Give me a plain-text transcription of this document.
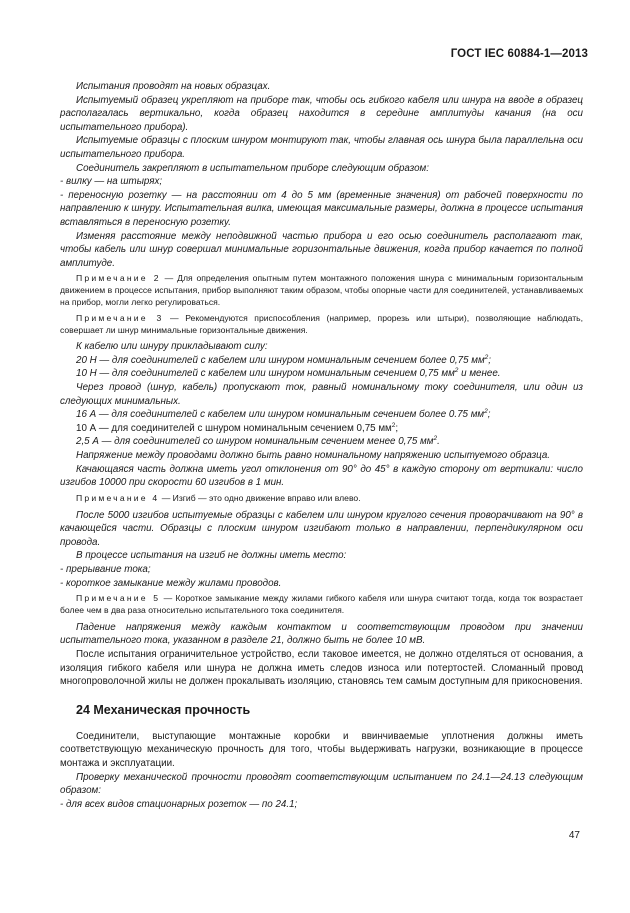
ГОСТ IEC 60884-1—2013

Испытания проводят на новых образцах.

Испытуемый образец укрепляют на приборе так, чтобы ось гибкого кабеля или шнура на вводе в образец располагалась вертикально, когда образец находится в середине амплитуды качания (на оси испытательного прибора).

Испытуемые образцы с плоским шнуром монтируют так, чтобы главная ось шнура была параллельна оси испытательного прибора.

Соединитель закрепляют в испытательном приборе следующим образом:

- вилку — на штырях;

- переносную розетку — на расстоянии от 4 до 5 мм (временные значения) от рабочей поверхности по направлению к шнуру. Испытательная вилка, имеющая максимальные размеры, должна в процессе испытания вставляться в переносную розетку.

Изменяя расстояние между неподвижной частью прибора и его осью соединитель располагают так, чтобы кабель или шнур совершал минимальные горизонтальные движения, когда прибор качается по полной амплитуде.

Примечание 2 — Для определения опытным путем монтажного положения шнура с минимальным горизонтальным движением в процессе испытания, прибор выполняют таким образом, чтобы опорные части для соединителей, устанавливаемых на прибор, могли легко регулироваться.

Примечание 3 — Рекомендуются приспособления (например, прорезь или штыри), позволяющие наблюдать, совершает ли шнур минимальные горизонтальные движения.

К кабелю или шнуру прикладывают силу:

20 Н — для соединителей с кабелем или шнуром номинальным сечением более 0,75 $мм^2$;

10 Н — для соединителей с кабелем или шнуром номинальным сечением 0,75 $мм^2$ и менее.

Через провод (шнур, кабель) пропускают ток, равный номинальному току соединителя, или один из следующих минимальных.

16 А — для соединителей с кабелем или шнуром номинальным сечением более 0.75 $мм^2$;

10 А — для соединителей с шнуром номинальным сечением 0,75 $мм^2$;

2,5 А — для соединителей со шнуром номинальным сечением менее 0,75 $мм^2$.

Напряжение между проводами должно быть равно номинальному напряжению испытуемого образца.

Качающаяся часть должна иметь угол отклонения от 90° до 45° в каждую сторону от вертикали: число изгибов 10000 при скорости 60 изгибов в 1 мин.

Примечание 4 — Изгиб — это одно движение вправо или влево.

После 5000 изгибов испытуемые образцы с кабелем или шнуром круглого сечения проворачивают на 90° в качающейся части. Образцы с плоским шнуром изгибают только в направлении, перпендикулярном оси провода.

В процессе испытания на изгиб не должны иметь место:

- прерывание тока;

- короткое замыкание между жилами проводов.

Примечание 5 — Короткое замыкание между жилами гибкого кабеля или шнура считают тогда, когда ток возрастает более чем в два раза относительно испытательного тока соединителя.

Падение напряжения между каждым контактом и соответствующим проводом при значении испытательного тока, указанном в разделе 21, должно быть не более 10 мВ.

После испытания ограничительное устройство, если таковое имеется, не должно отделяться от основания, а изоляция гибкого кабеля или шнура не должна иметь следов износа или потертостей. Сломанный провод многопроволочной жилы не должен прокалывать изоляцию, становясь тем самым доступным для прикосновения.

24 Механическая прочность

Соединители, выступающие монтажные коробки и ввинчиваемые уплотнения должны иметь соответствующую механическую прочность для того, чтобы выдерживать нагрузки, возникающие в процессе монтажа и эксплуатации.

Проверку механической прочности проводят соответствующим испытанием по 24.1—24.13 следующим образом:

- для всех видов стационарных розеток — по 24.1;

47
